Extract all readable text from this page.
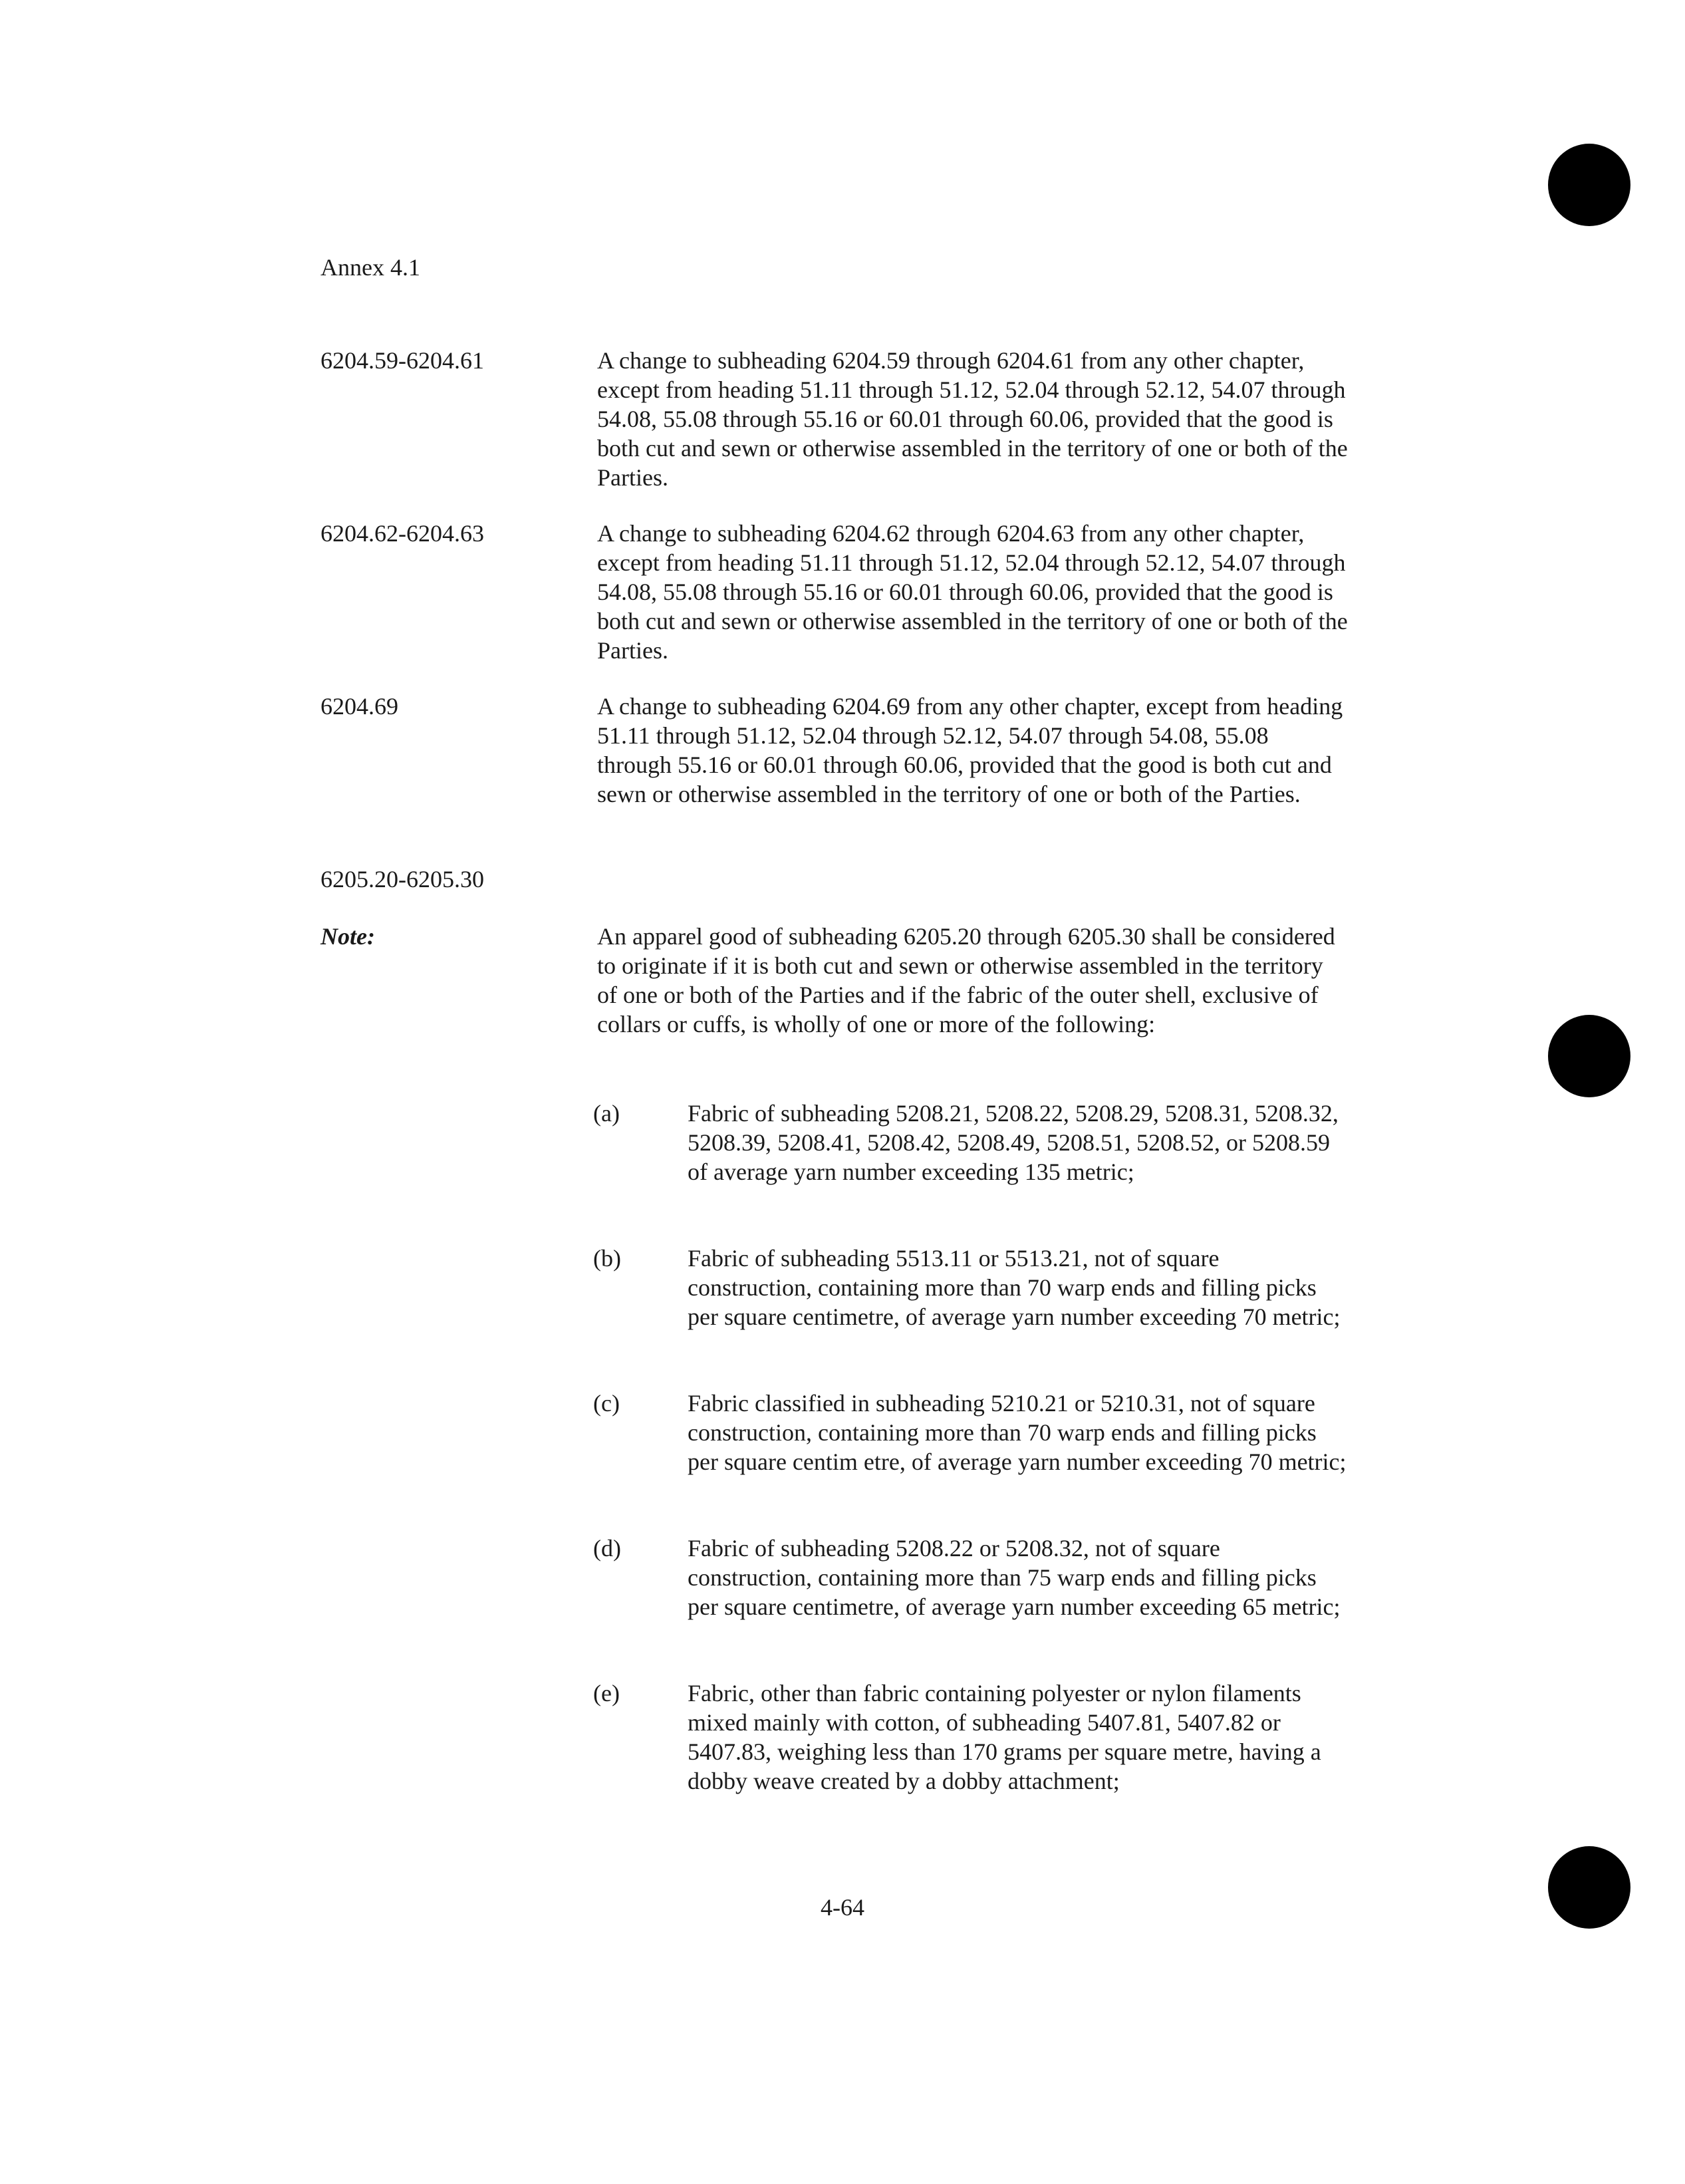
Annex 4.1
6204.59-6204.61	A change to subheading 6204.59 through 6204.61 from any other chapter, except from heading 51.11 through 51.12, 52.04 through 52.12, 54.07 through 54.08, 55.08 through 55.16 or 60.01 through 60.06, provided that the good is both cut and sewn or otherwise assembled in the territory of one or both of the Parties.
6204.62-6204.63	A change to subheading 6204.62 through 6204.63 from any other chapter, except from heading 51.11 through 51.12, 52.04 through 52.12, 54.07 through 54.08, 55.08 through 55.16 or 60.01 through 60.06, provided that the good is both cut and sewn or otherwise assembled in the territory of one or both of the Parties.
6204.69	A change to subheading 6204.69 from any other chapter, except from heading 51.11 through 51.12, 52.04 through 52.12, 54.07 through 54.08, 55.08 through 55.16 or 60.01 through 60.06, provided that the good is both cut and sewn or otherwise assembled in the territory of one or both of the Parties.
6205.20-6205.30
Note:	An apparel good of subheading 6205.20 through 6205.30 shall be considered to originate if it is both cut and sewn or otherwise assembled in the territory of one or both of the Parties and if the fabric of the outer shell, exclusive of collars or cuffs, is wholly of one or more of the following:
(a)	Fabric of subheading 5208.21, 5208.22, 5208.29, 5208.31, 5208.32, 5208.39, 5208.41, 5208.42, 5208.49, 5208.51, 5208.52, or 5208.59 of average yarn number exceeding 135 metric;
(b)	Fabric of subheading 5513.11 or 5513.21, not of square construction, containing more than 70 warp ends and filling picks per square centimetre, of average yarn number exceeding 70 metric;
(c)	Fabric classified in subheading 5210.21 or 5210.31, not of square construction, containing more than 70 warp ends and filling picks per square centim etre, of average yarn number exceeding 70 metric;
(d)	Fabric of subheading 5208.22 or 5208.32, not of square construction, containing more than 75 warp ends and filling picks per square centimetre, of average yarn number exceeding 65 metric;
(e)	Fabric, other than fabric containing polyester or nylon filaments mixed mainly with cotton, of subheading 5407.81, 5407.82 or 5407.83, weighing less than 170 grams per square metre, having a dobby weave created by a dobby attachment;
4-64
